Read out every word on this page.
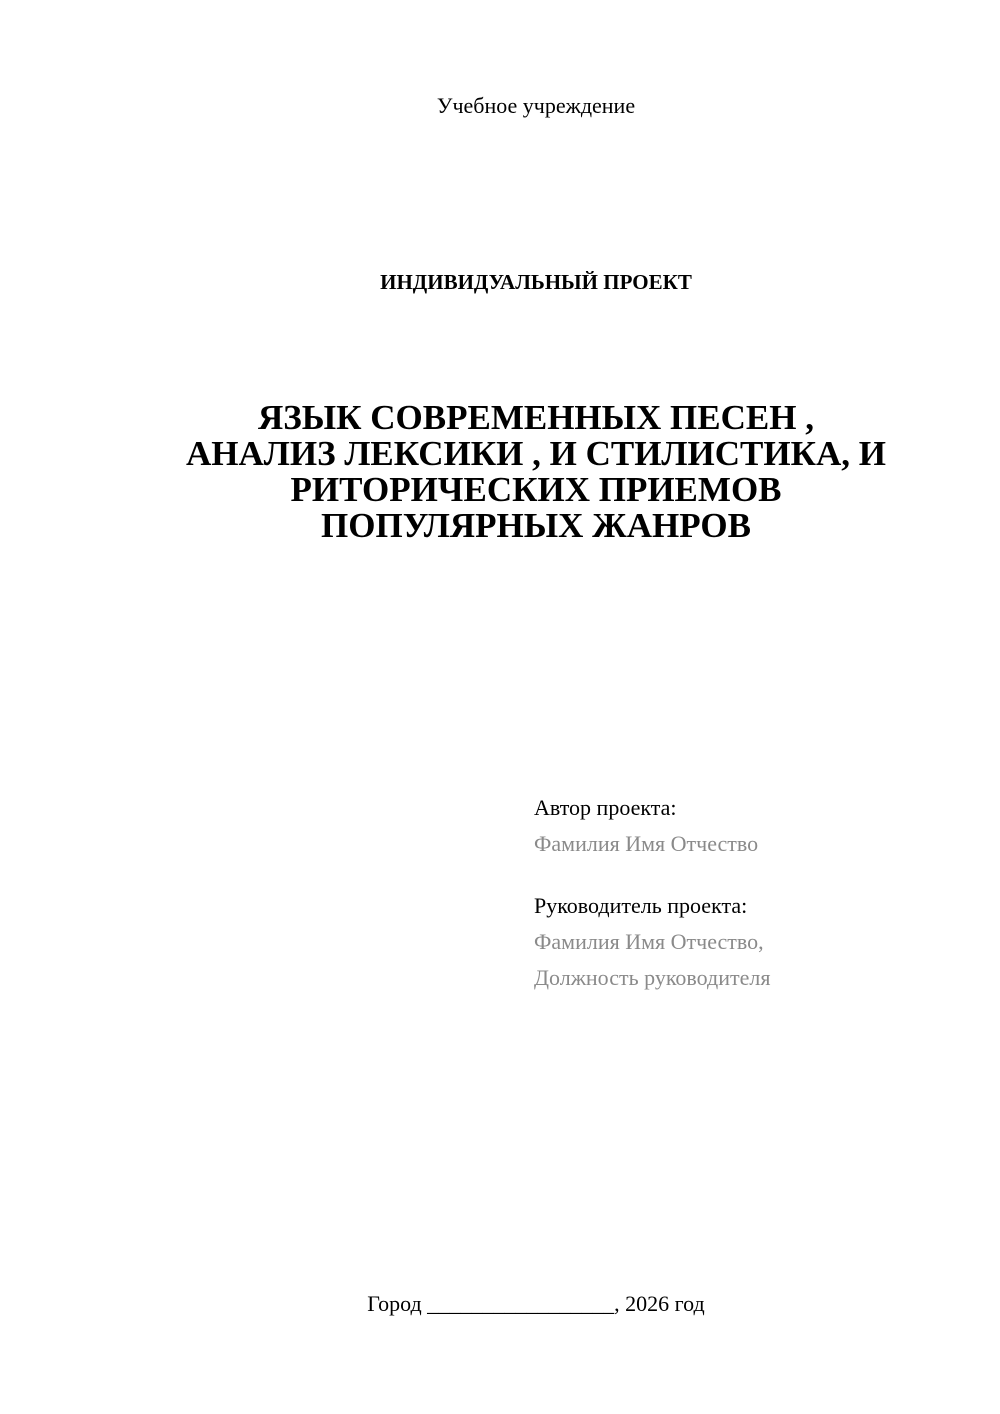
Учебное учреждение

ИНДИВИДУАЛЬНЫЙ ПРОЕКТ

ЯЗЫК СОВРЕМЕННЫХ ПЕСЕН ,
АНАЛИЗ ЛЕКСИКИ , И СТИЛИСТИКА, И
РИТОРИЧЕСКИХ ПРИЕМОВ
ПОПУЛЯРНЫХ ЖАНРОВ

Автор проекта:

Фамилия Имя Отчество

Руководитель проекта:

Фамилия Имя Отчество,

Должность руководителя

Город _________________, 2026 год
